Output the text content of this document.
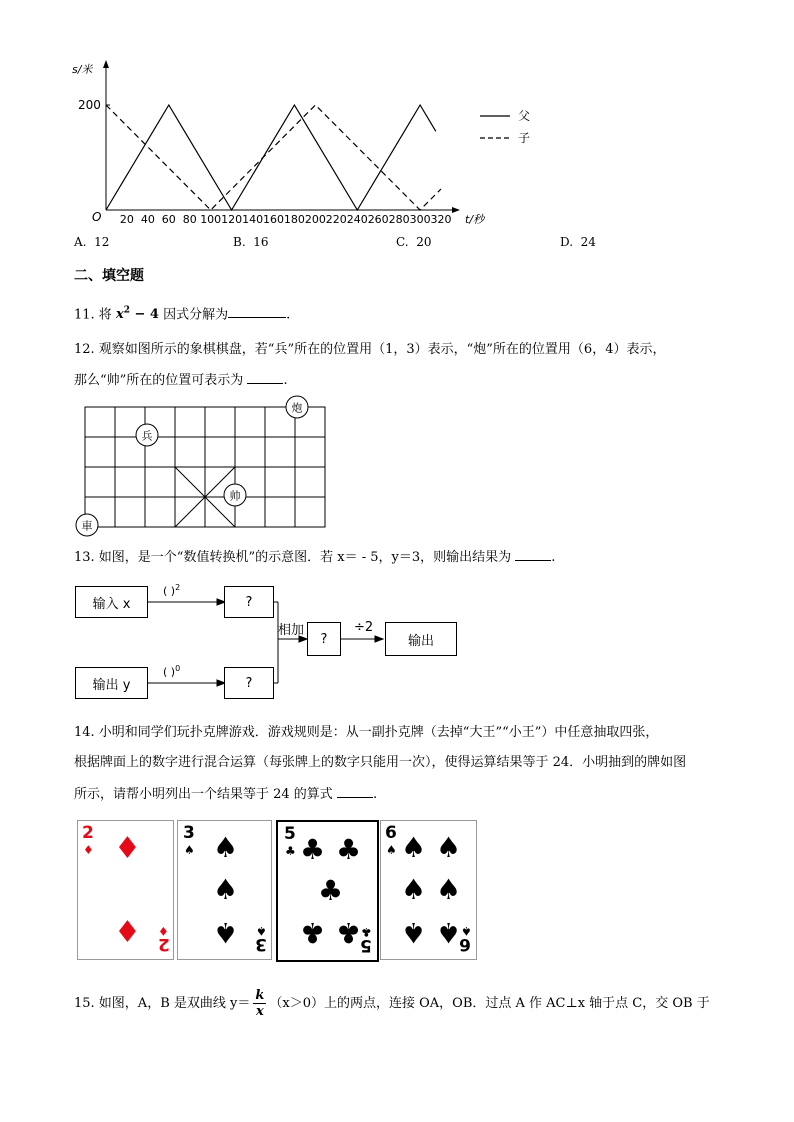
s/米
t/秒
O
200
20 40 60 80 100 120 140 160 180 200 220 240 260 280 300 320
父
子
A. 12	B. 16	C. 20	D. 24
二、填空题
11. 将 $x^2 - 4$ 因式分解为	.
12. 观察如图所示的象棋棋盘，若“兵”所在的位置用（1，3）表示，“炮”所在的位置用（6，4）表示，
那么“帅”所在的位置可表示为	.
兵
炮
帅
車
13. 如图，是一个“数值转换机”的示意图．若 x＝ - 5，y＝3，则输出结果为	.
输入 x	?
( )$^2$
输出 y	?
( )$^0$
相加
?
÷2
输出
14. 小明和同学们玩扑克牌游戏．游戏规则是：从一副扑克牌（去掉“大王”“小王”）中任意抽取四张，
根据牌面上的数字进行混合运算（每张牌上的数字只能用一次），使得运算结果等于 24．小明抽到的牌如图
所示，请帮小明列出一个结果等于 24 的算式	.
2
♦ ♦
♦ ♦
2
3
♠ ♠
♠
♠ ♠
3
5
♣ ♣ ♣
♣
♣ ♣ ♣
5
6
♠ ♠ ♠
♠ ♠
♠ ♠ ♠
6
15. 如图，A，B 是双曲线 $y= \frac{k}{x} (x>0)$上的两点，连接 OA，OB．过点 A 作 AC⊥x 轴于点 C，交 OB 于
